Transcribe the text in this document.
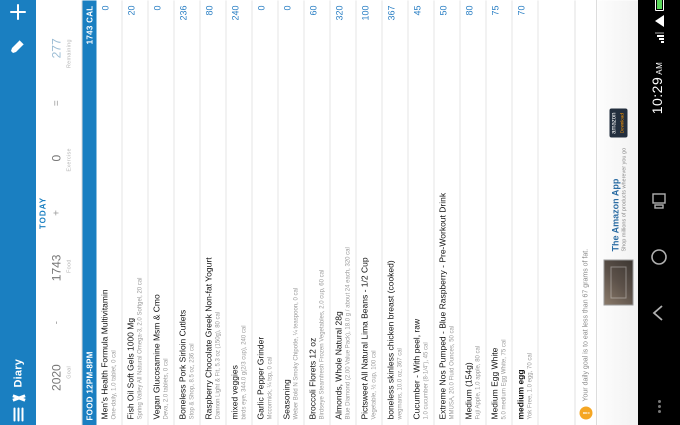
Diary
TODAY
2020
-
1743
+
0
=
277
Goal
Food
Exercise
Remaining
FOOD 12PM-8PM
1743 CAL
Men's Health Formula Multivitamin One-daily, 1.0 tablet, 0 cal
0
Fish Oil Soft Gels 1000 Mg Spring Valley All Natural Omega-3, 2.0 Softgel, 20 cal
20
Vegan Glucosamine Msm & Cmo Deva, 2.0 tablets, 0 cal
0
Boneless Pork Sirloin Cutlets Stop & Shop, 8.5 oz, 236 cal
236
Raspberry Chocolate Greek Non-fat Yogurt Dannon Light & Fit, 5.3 oz (150g), 80 cal
80
mixed veggies birds eye, 344.0 g(2/3 cup), 240 cal
240
Garlic Pepper Grinder Mccormick, ¼ tsp, 0 cal
0
Seasoning Weber Bold N Smoky Chipotle, ¼ teaspoon, 0 cal
0
Broccoli Florets 12 oz Birdseye Steamfresh Frozen Vegetables, 2.0 cup, 60 cal
60
Almonds, Whole Natural 28g Blue Diamond (2.00 Value Pack), 18.0 g / about 24 each, 320 cal
320
Pictsweet All Natural Lima Beans - 1/2 Cup Vegetable, ½ cup, 100 cal
100
boneless skinless chicken breast (cooked) wegmans, 10.0 oz, 367 cal
367
Cucumber - With peel, raw 1.0 cucumber (8-1/4"), 45 cal
45
Extreme Nos Pumped - Blue Raspberry - Pre-Workout Drink MMUSA, 20.0 Fluid Ounces, 50 cal
50
Medium (154g) Fuji Apple, 1.0 apple, 80 cal
80
Medium Egg White 5.0 medium Egg White, 75 cal
75
medium egg Yok Free, 1.0 egg, 70 cal
70
!
Your daily goal is to eat less than 67 grams of fat.
The Amazon App Shop millions of products wherever you go
amazon Download
10:29AM
